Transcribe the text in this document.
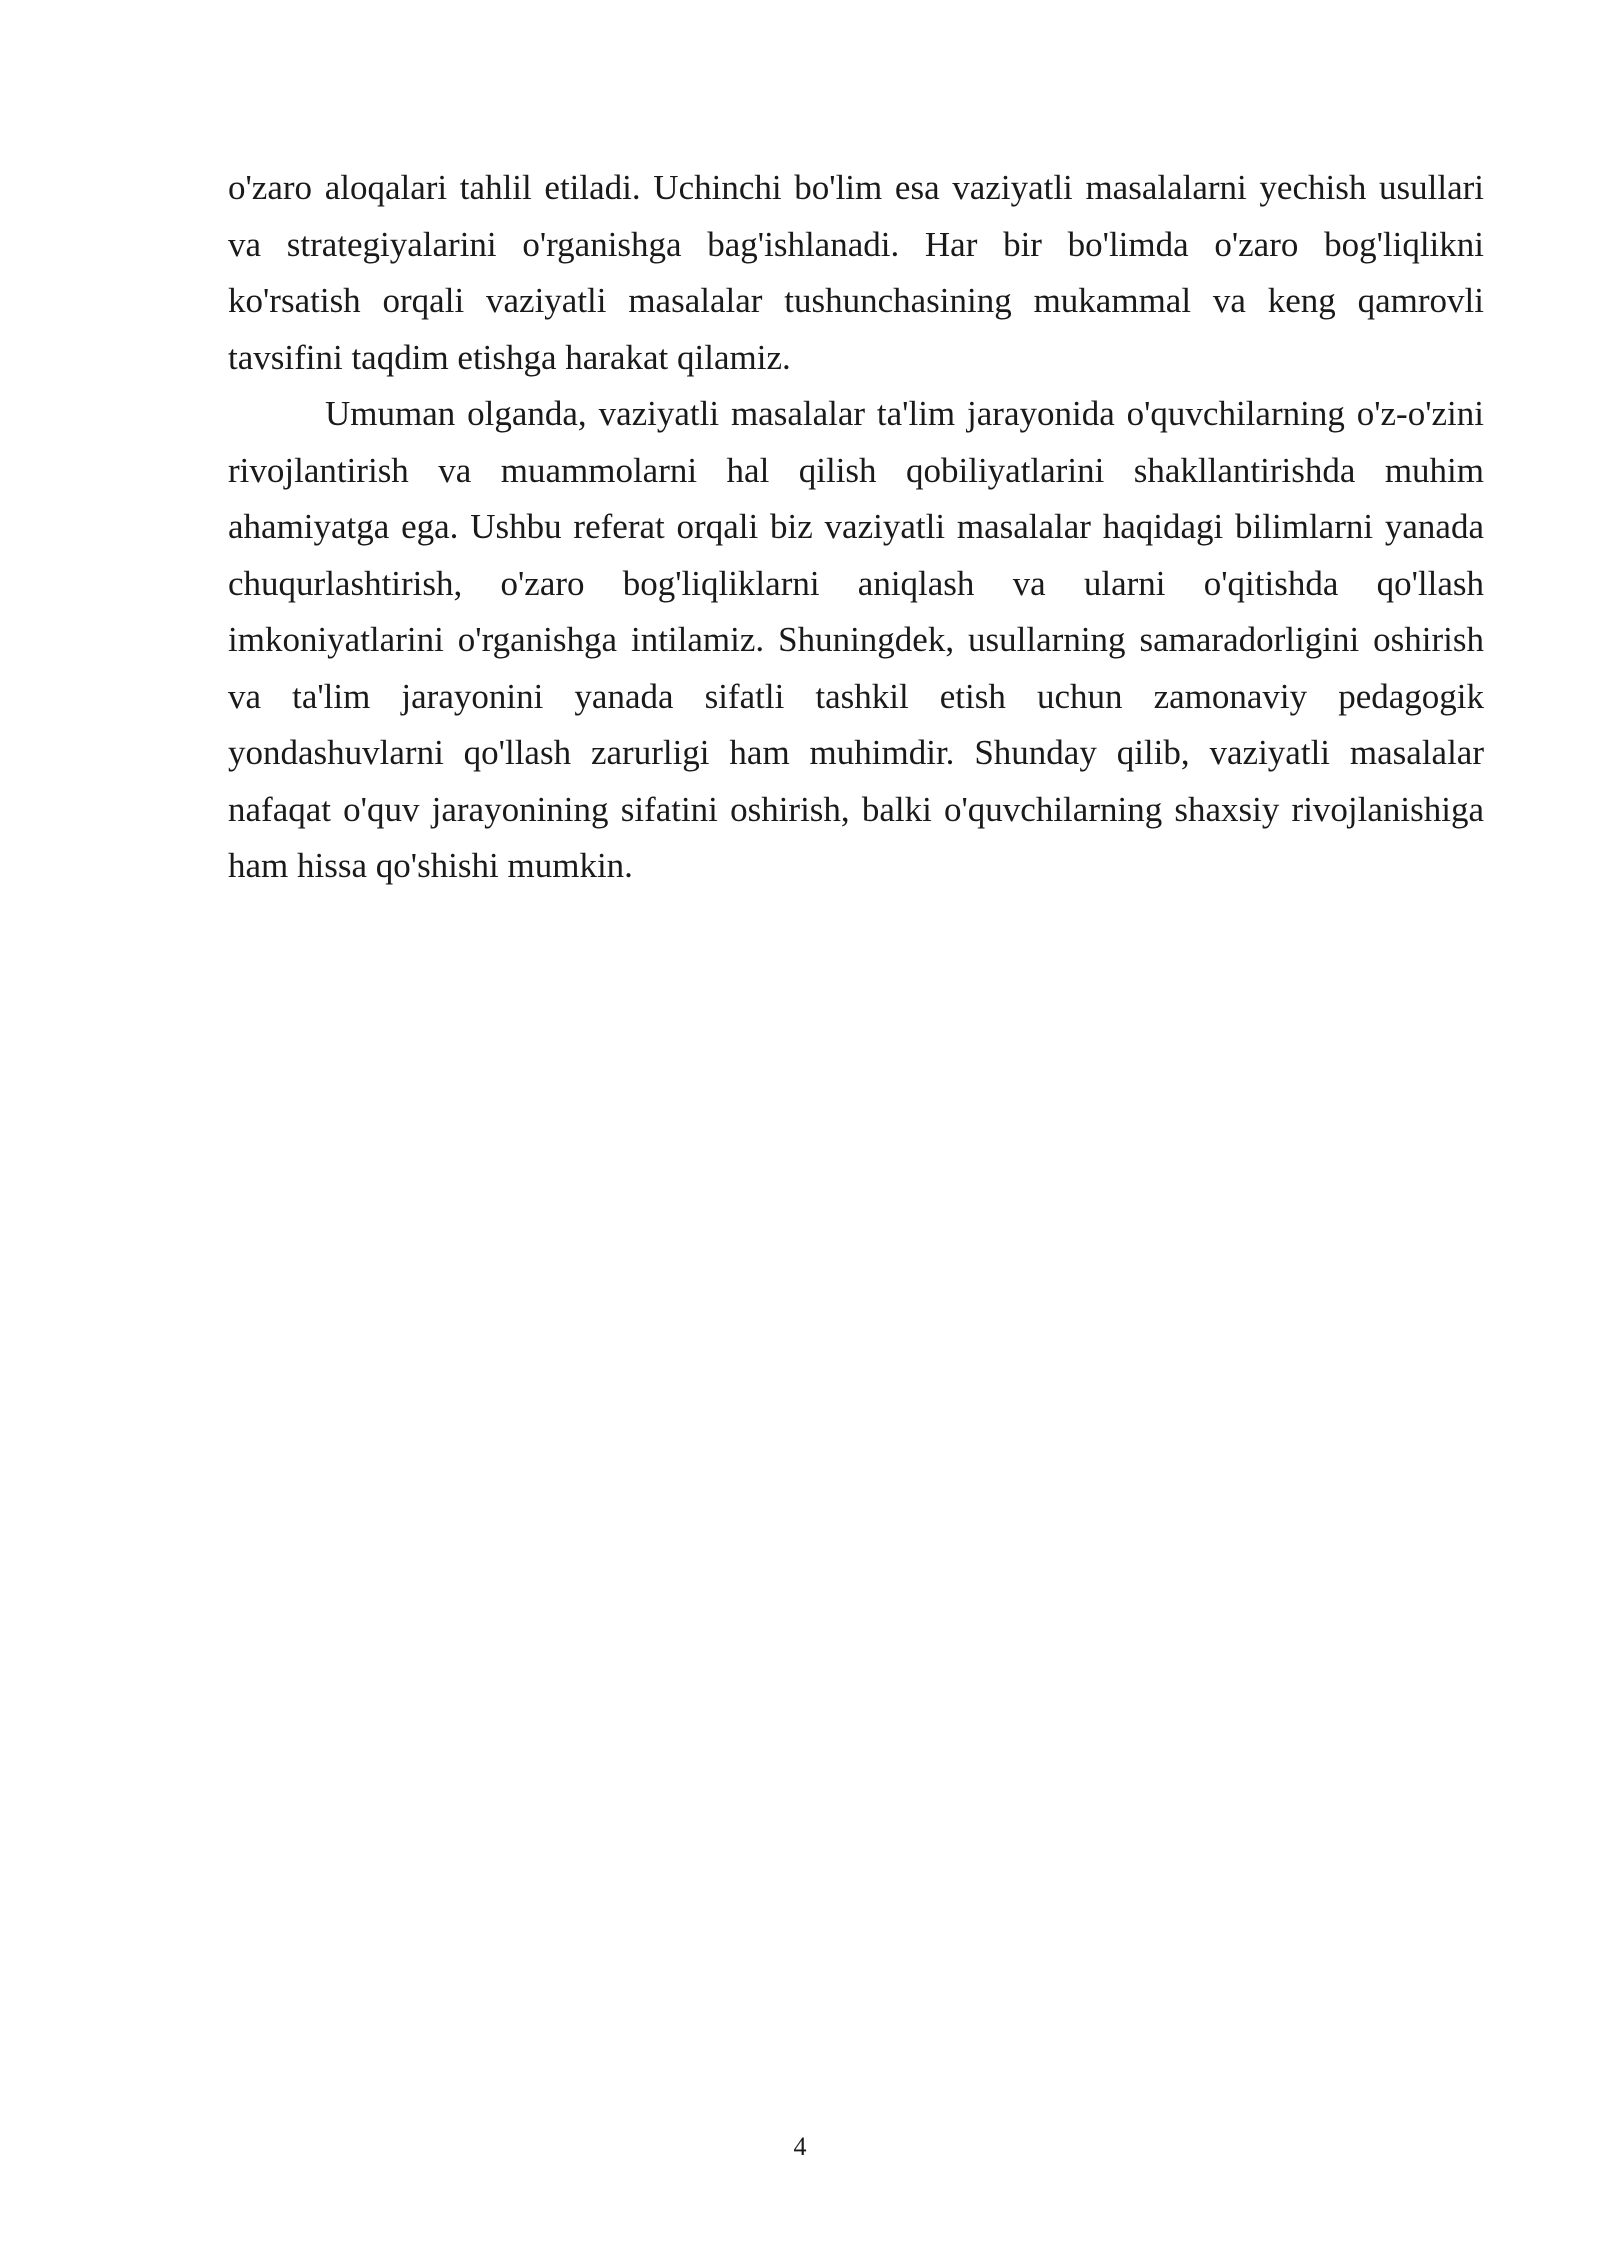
o'zaro aloqalari tahlil etiladi. Uchinchi bo'lim esa vaziyatli masalalarni yechish usullari va strategiyalarini o'rganishga bag'ishlanadi. Har bir bo'limda o'zaro bog'liqlikni ko'rsatish orqali vaziyatli masalalar tushunchasining mukammal va keng qamrovli tavsifini taqdim etishga harakat qilamiz.

Umuman olganda, vaziyatli masalalar ta'lim jarayonida o'quvchilarning o'z-o'zini rivojlantirish va muammolarni hal qilish qobiliyatlarini shakllantirishda muhim ahamiyatga ega. Ushbu referat orqali biz vaziyatli masalalar haqidagi bilimlarni yanada chuqurlashtirish, o'zaro bog'liqliklarni aniqlash va ularni o'qitishda qo'llash imkoniyatlarini o'rganishga intilamiz. Shuningdek, usullarning samaradorligini oshirish va ta'lim jarayonini yanada sifatli tashkil etish uchun zamonaviy pedagogik yondashuvlarni qo'llash zarurligi ham muhimdir. Shunday qilib, vaziyatli masalalar nafaqat o'quv jarayonining sifatini oshirish, balki o'quvchilarning shaxsiy rivojlanishiga ham hissa qo'shishi mumkin.

4
